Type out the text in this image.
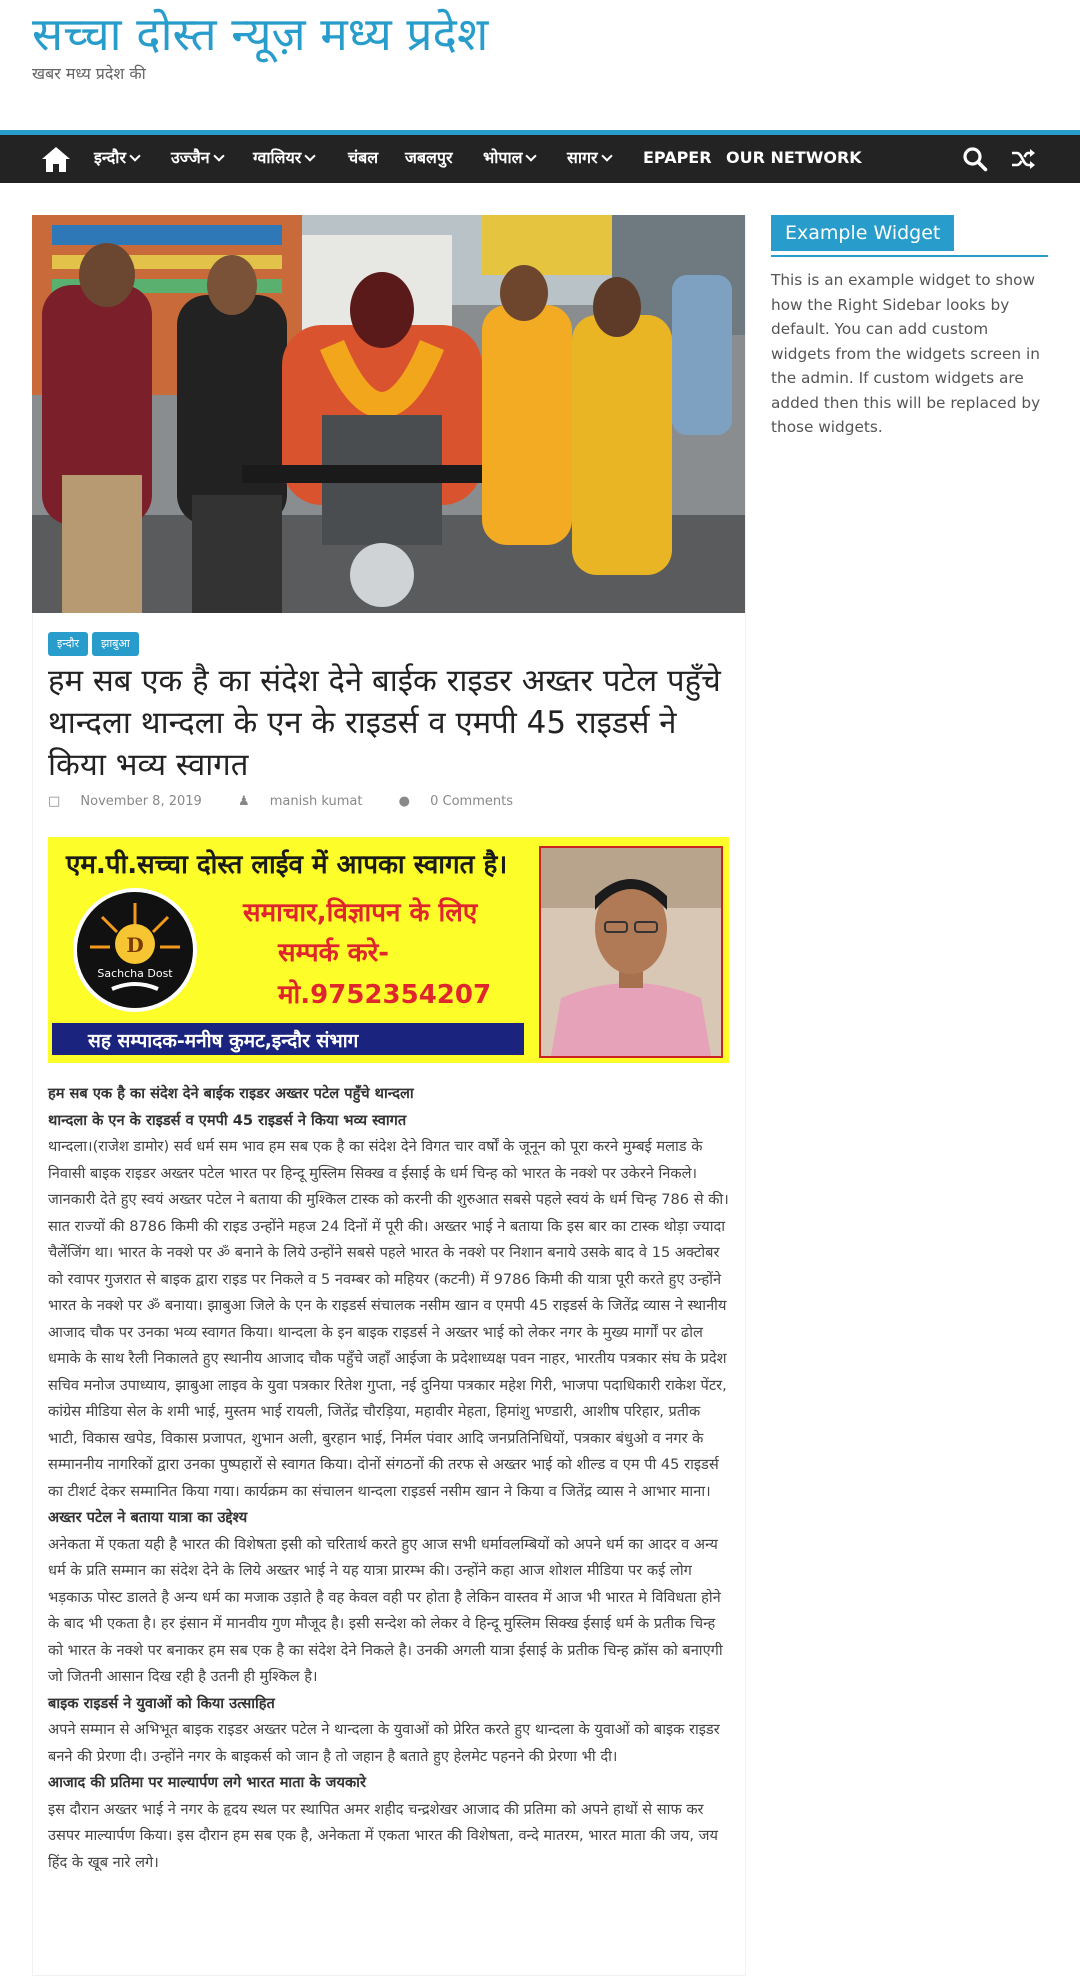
सच्चा दोस्त न्यूज़ मध्य प्रदेश
खबर मध्य प्रदेश की
इन्दौर	उज्जैन	ग्वालियर	चंबल जबलपुर भोपाल	सागर	EPAPER OUR NETWORK
इन्दौर झाबुआ
हम सब एक है का संदेश देने बाईक राइडर अख्तर पटेल पहुँचे थान्दला थान्दला के एन के राइडर्स व एमपी 45 राइडर्स ने किया भव्य स्वागत
□ November 8, 2019	♟ manish kumat	● 0 Comments
एम.पी.सच्चा दोस्त लाईव में आपका स्वागत है।
D
Sachcha Dost
समाचार,विज्ञापन के लिए
सम्पर्क करे-
मो.9752354207
सह सम्पादक-मनीष कुमट,इन्दौर संभाग

हम सब एक है का संदेश देने बाईक राइडर अख्तर पटेल पहुँचे थान्दला

थान्दला के एन के राइडर्स व एमपी 45 राइडर्स ने किया भव्य स्वागत

थान्दला।(राजेश डामोर) सर्व धर्म सम भाव हम सब एक है का संदेश देने विगत चार वर्षों के जूनून को पूरा करने मुम्बई मलाड के निवासी बाइक राइडर अख्तर पटेल भारत पर हिन्दू मुस्लिम सिक्ख व ईसाई के धर्म चिन्ह को भारत के नक्शे पर उकेरने निकले। जानकारी देते हुए स्वयं अख्तर पटेल ने बताया की मुश्किल टास्क को करनी की शुरुआत सबसे पहले स्वयं के धर्म चिन्ह 786 से की। सात राज्यों की 8786 किमी की राइड उन्होंने महज 24 दिनों में पूरी की। अख्तर भाई ने बताया कि इस बार का टास्क थोड़ा ज्यादा चैलेंजिंग था। भारत के नक्शे पर ॐ बनाने के लिये उन्होंने सबसे पहले भारत के नक्शे पर निशान बनाये उसके बाद वे 15 अक्टोबर को रवापर गुजरात से बाइक द्वारा राइड पर निकले व 5 नवम्बर को महियर (कटनी) में 9786 किमी की यात्रा पूरी करते हुए उन्होंने भारत के नक्शे पर ॐ बनाया। झाबुआ जिले के एन के राइडर्स संचालक नसीम खान व एमपी 45 राइडर्स के जितेंद्र व्यास ने स्थानीय आजाद चौक पर उनका भव्य स्वागत किया। थान्दला के इन बाइक राइडर्स ने अख्तर भाई को लेकर नगर के मुख्य मार्गों पर ढोल धमाके के साथ रैली निकालते हुए स्थानीय आजाद चौक पहुँचे जहाँ आईजा के प्रदेशाध्यक्ष पवन नाहर, भारतीय पत्रकार संघ के प्रदेश सचिव मनोज उपाध्याय, झाबुआ लाइव के युवा पत्रकार रितेश गुप्ता, नई दुनिया पत्रकार महेश गिरी, भाजपा पदाधिकारी राकेश पेंटर, कांग्रेस मीडिया सेल के शमी भाई, मुस्तम भाई रायली, जितेंद्र चौरड़िया, महावीर मेहता, हिमांशु भण्डारी, आशीष परिहार, प्रतीक भाटी, विकास खपेड, विकास प्रजापत, शुभान अली, बुरहान भाई, निर्मल पंवार आदि जनप्रतिनिधियों, पत्रकार बंधुओ व नगर के सम्माननीय नागरिकों द्वारा उनका पुष्पहारों से स्वागत किया। दोनों संगठनों की तरफ से अख्तर भाई को शील्ड व एम पी 45 राइडर्स का टीशर्ट देकर सम्मानित किया गया। कार्यक्रम का संचालन थान्दला राइडर्स नसीम खान ने किया व जितेंद्र व्यास ने आभार माना।

अख्तर पटेल ने बताया यात्रा का उद्देश्य

अनेकता में एकता यही है भारत की विशेषता इसी को चरितार्थ करते हुए आज सभी धर्मावलम्बियों को अपने धर्म का आदर व अन्य धर्म के प्रति सम्मान का संदेश देने के लिये अख्तर भाई ने यह यात्रा प्रारम्भ की। उन्होंने कहा आज शोशल मीडिया पर कई लोग भड़काऊ पोस्ट डालते है अन्य धर्म का मजाक उड़ाते है वह केवल वही पर होता है लेकिन वास्तव में आज भी भारत मे विविधता होने के बाद भी एकता है। हर इंसान में मानवीय गुण मौजूद है। इसी सन्देश को लेकर वे हिन्दू मुस्लिम सिक्ख ईसाई धर्म के प्रतीक चिन्ह को भारत के नक्शे पर बनाकर हम सब एक है का संदेश देने निकले है। उनकी अगली यात्रा ईसाई के प्रतीक चिन्ह क्रॉस को बनाएगी जो जितनी आसान दिख रही है उतनी ही मुश्किल है।

बाइक राइडर्स ने युवाओं को किया उत्साहित

अपने सम्मान से अभिभूत बाइक राइडर अख्तर पटेल ने थान्दला के युवाओं को प्रेरित करते हुए थान्दला के युवाओं को बाइक राइडर बनने की प्रेरणा दी। उन्होंने नगर के बाइकर्स को जान है तो जहान है बताते हुए हेलमेट पहनने की प्रेरणा भी दी।

आजाद की प्रतिमा पर माल्यार्पण लगे भारत माता के जयकारे

इस दौरान अख्तर भाई ने नगर के हृदय स्थल पर स्थापित अमर शहीद चन्द्रशेखर आजाद की प्रतिमा को अपने हाथों से साफ कर उसपर माल्यार्पण किया। इस दौरान हम सब एक है, अनेकता में एकता भारत की विशेषता, वन्दे मातरम, भारत माता की जय, जय हिंद के खूब नारे लगे।

Example Widget
This is an example widget to show how the Right Sidebar looks by default. You can add custom widgets from the widgets screen in the admin. If custom widgets are added then this will be replaced by those widgets.
